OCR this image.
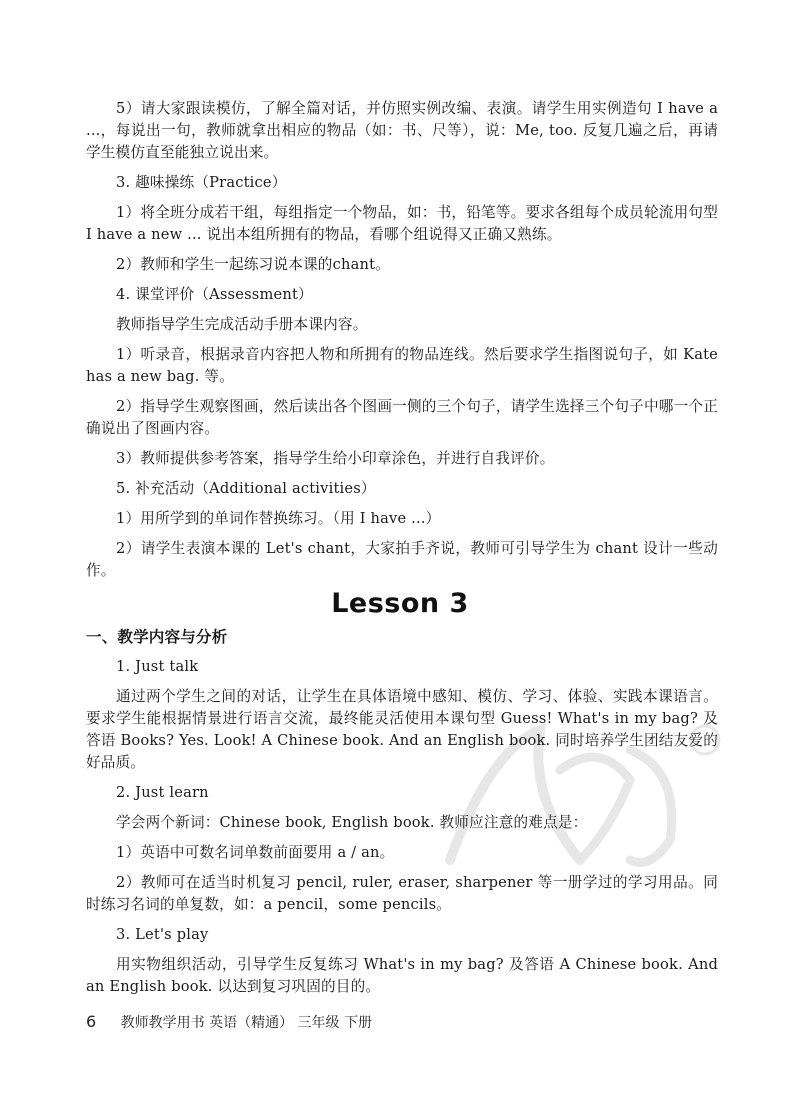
5）请大家跟读模仿，了解全篇对话，并仿照实例改编、表演。请学生用实例造句 I have a ...，每说出一句，教师就拿出相应的物品（如：书、尺等），说：Me, too. 反复几遍之后，再请学生模仿直至能独立说出来。

3. 趣味操练（Practice）

1）将全班分成若干组，每组指定一个物品，如：书，铅笔等。要求各组每个成员轮流用句型 I have a new ... 说出本组所拥有的物品，看哪个组说得又正确又熟练。

2）教师和学生一起练习说本课的chant。

4. 课堂评价（Assessment）

教师指导学生完成活动手册本课内容。

1）听录音，根据录音内容把人物和所拥有的物品连线。然后要求学生指图说句子，如 Kate has a new bag. 等。

2）指导学生观察图画，然后读出各个图画一侧的三个句子，请学生选择三个句子中哪一个正确说出了图画内容。

3）教师提供参考答案，指导学生给小印章涂色，并进行自我评价。

5. 补充活动（Additional activities）

1）用所学到的单词作替换练习。（用 I have ...）

2）请学生表演本课的 Let's chant，大家拍手齐说，教师可引导学生为 chant 设计一些动作。

Lesson 3

一、教学内容与分析

1. Just talk

通过两个学生之间的对话，让学生在具体语境中感知、模仿、学习、体验、实践本课语言。要求学生能根据情景进行语言交流，最终能灵活使用本课句型 Guess! What's in my bag? 及答语 Books? Yes. Look! A Chinese book. And an English book. 同时培养学生团结友爱的好品质。

2. Just learn

学会两个新词：Chinese book, English book. 教师应注意的难点是：

1）英语中可数名词单数前面要用 a / an。

2）教师可在适当时机复习 pencil, ruler, eraser, sharpener 等一册学过的学习用品。同时练习名词的单复数，如：a pencil，some pencils。

3. Let's play

用实物组织活动，引导学生反复练习 What's in my bag? 及答语 A Chinese book. And an English book. 以达到复习巩固的目的。

6 教师教学用书 英语（精通） 三年级 下册
